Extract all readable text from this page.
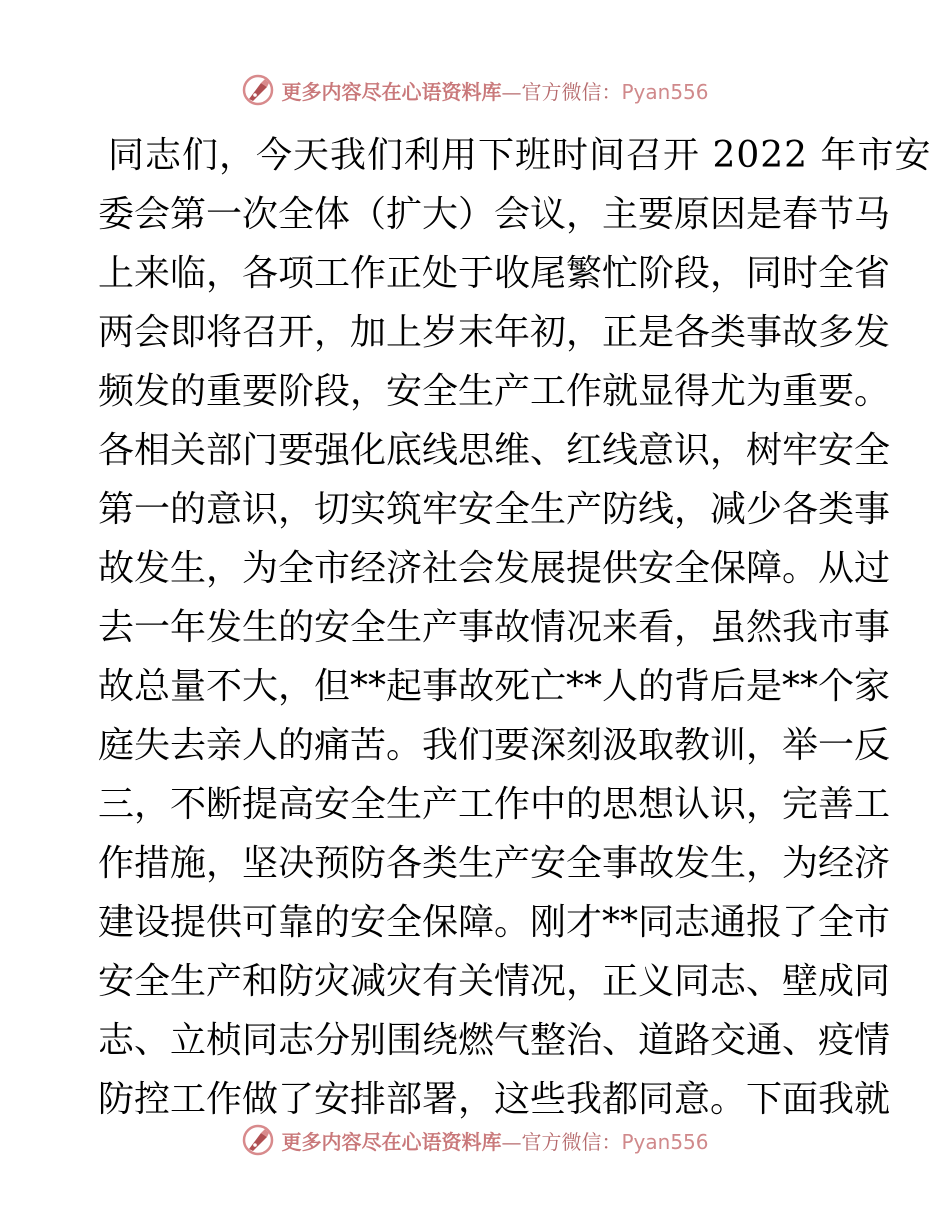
更多内容尽在心语资料库—官方微信：Pyan556
同志们，今天我们利用下班时间召开 2022 年市安
委会第一次全体（扩大）会议，主要原因是春节马
上来临，各项工作正处于收尾繁忙阶段，同时全省
两会即将召开，加上岁末年初，正是各类事故多发
频发的重要阶段，安全生产工作就显得尤为重要。
各相关部门要强化底线思维、红线意识，树牢安全
第一的意识，切实筑牢安全生产防线，减少各类事
故发生，为全市经济社会发展提供安全保障。从过
去一年发生的安全生产事故情况来看，虽然我市事
故总量不大，但**起事故死亡**人的背后是**个家
庭失去亲人的痛苦。我们要深刻汲取教训，举一反
三，不断提高安全生产工作中的思想认识，完善工
作措施，坚决预防各类生产安全事故发生，为经济
建设提供可靠的安全保障。刚才**同志通报了全市
安全生产和防灾减灾有关情况，正义同志、壁成同
志、立桢同志分别围绕燃气整治、道路交通、疫情
防控工作做了安排部署，这些我都同意。下面我就
更多内容尽在心语资料库—官方微信：Pyan556
